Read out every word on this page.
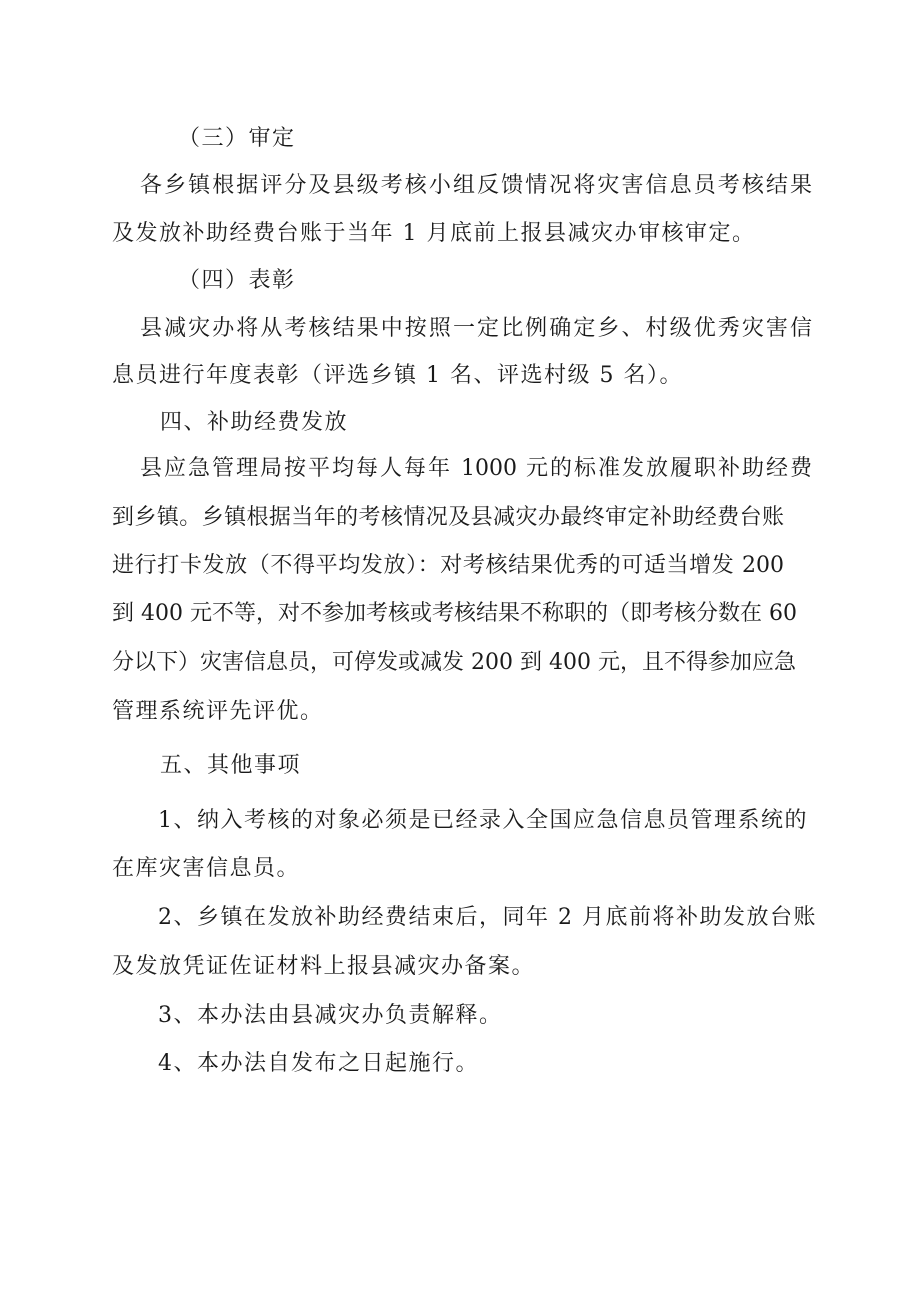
（三）审定
各乡镇根据评分及县级考核小组反馈情况将灾害信息员考核结果
及发放补助经费台账于当年 1 月底前上报县减灾办审核审定。
（四）表彰
县减灾办将从考核结果中按照一定比例确定乡、村级优秀灾害信
息员进行年度表彰（评选乡镇 1 名、评选村级 5 名）。
四、补助经费发放
县应急管理局按平均每人每年 1000 元的标准发放履职补助经费
到乡镇。乡镇根据当年的考核情况及县减灾办最终审定补助经费台账
进行打卡发放（不得平均发放）：对考核结果优秀的可适当增发 200
到 400 元不等，对不参加考核或考核结果不称职的（即考核分数在 60
分以下）灾害信息员，可停发或减发 200 到 400 元，且不得参加应急
管理系统评先评优。
五、其他事项
1、纳入考核的对象必须是已经录入全国应急信息员管理系统的
在库灾害信息员。
2、乡镇在发放补助经费结束后，同年 2 月底前将补助发放台账
及发放凭证佐证材料上报县减灾办备案。
3、本办法由县减灾办负责解释。
4、本办法自发布之日起施行。
